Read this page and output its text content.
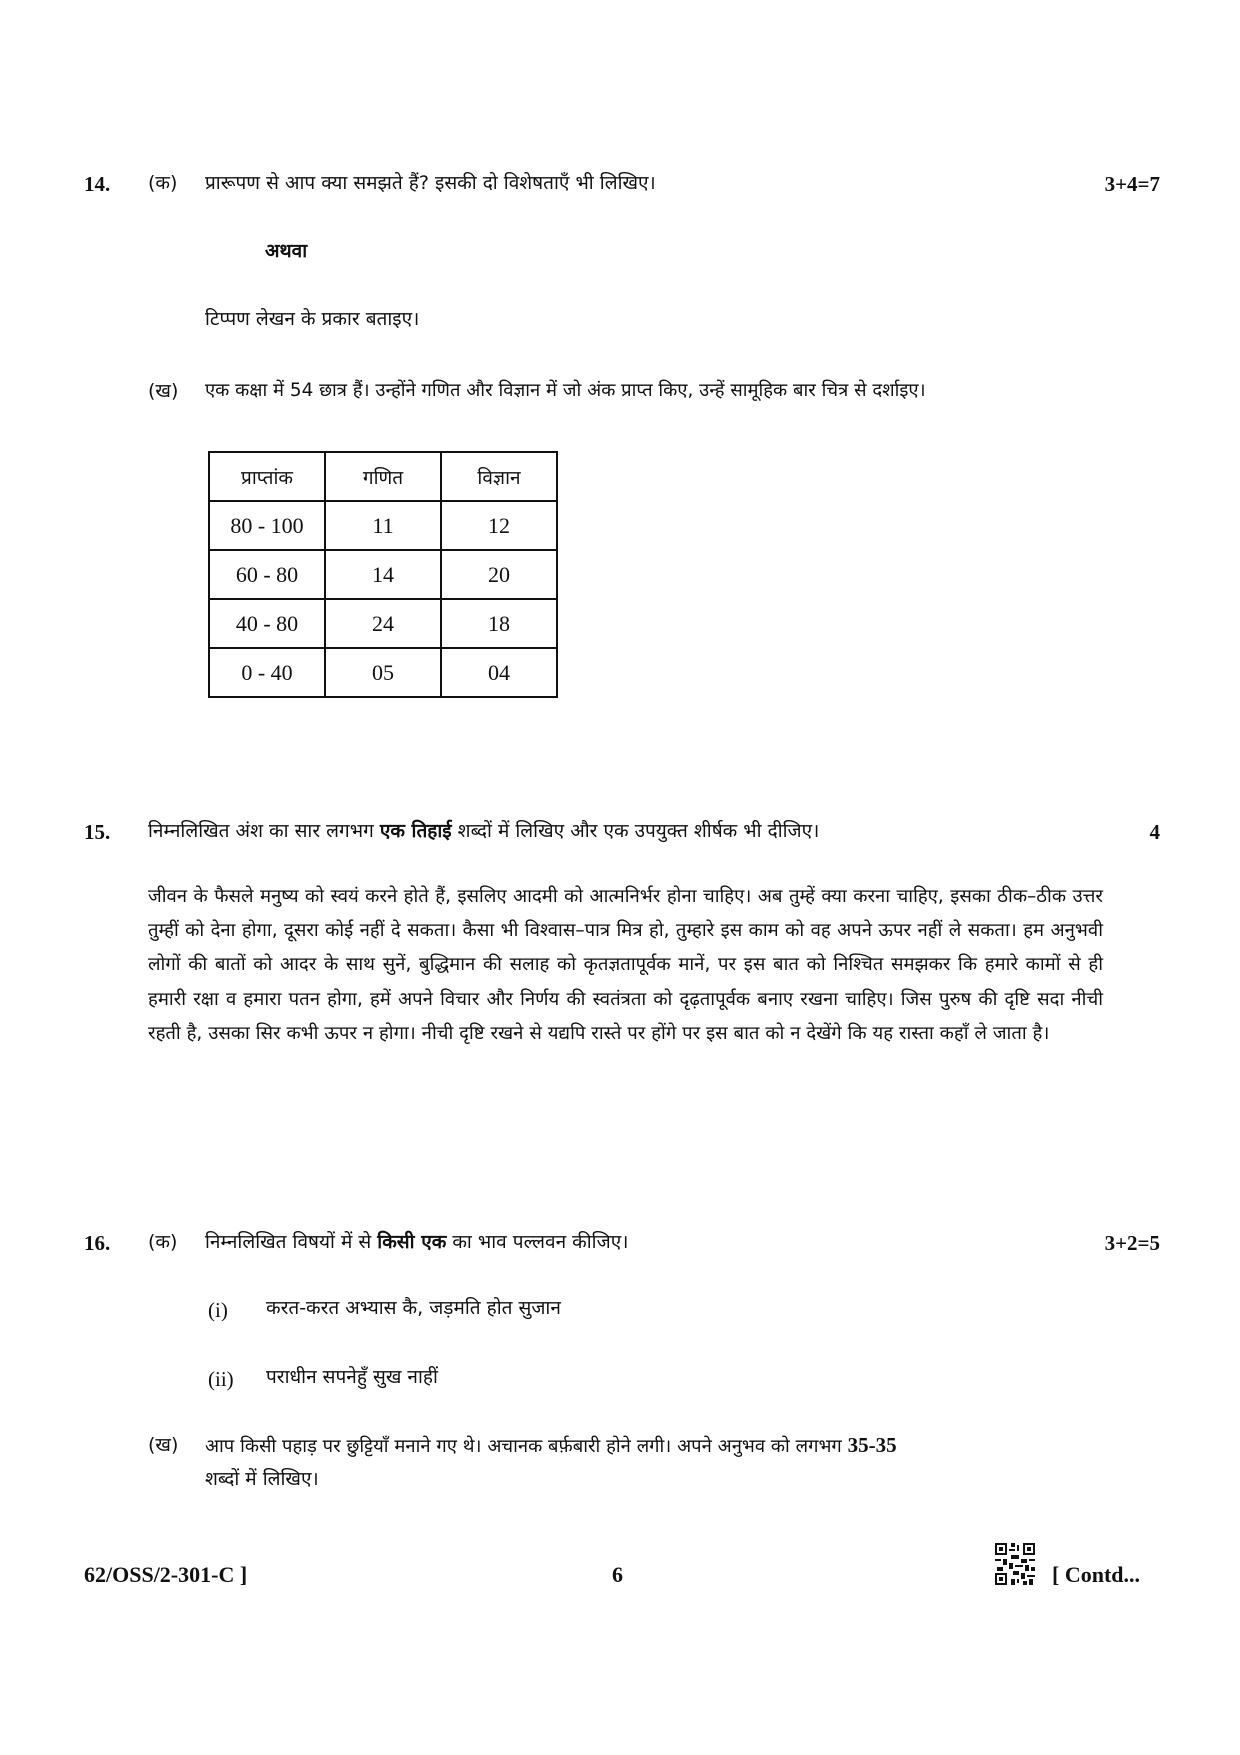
14. (क) प्रारूपण से आप क्या समझते हैं? इसकी दो विशेषताएँ भी लिखिए।	3+4=7
अथवा
टिप्पण लेखन के प्रकार बताइए।
(ख) एक कक्षा में 54 छात्र हैं। उन्होंने गणित और विज्ञान में जो अंक प्राप्त किए, उन्हें सामूहिक बार चित्र से दर्शाइए।
प्राप्तांक	गणित	विज्ञान
80 - 100	11	12
60 - 80	14	20
40 - 80	24	18
0 - 40	05	04
15. निम्नलिखित अंश का सार लगभग एक तिहाई शब्दों में लिखिए और एक उपयुक्त शीर्षक भी दीजिए।	4
जीवन के फैसले मनुष्य को स्वयं करने होते हैं, इसलिए आदमी को आत्मनिर्भर होना चाहिए। अब तुम्हें क्या करना चाहिए, इसका ठीक–ठीक उत्तर तुम्हीं को देना होगा, दूसरा कोई नहीं दे सकता। कैसा भी विश्वास–पात्र मित्र हो, तुम्हारे इस काम को वह अपने ऊपर नहीं ले सकता। हम अनुभवी लोगों की बातों को आदर के साथ सुनें, बुद्धिमान की सलाह को कृतज्ञतापूर्वक मानें, पर इस बात को निश्चित समझकर कि हमारे कामों से ही हमारी रक्षा व हमारा पतन होगा, हमें अपने विचार और निर्णय की स्वतंत्रता को दृढ़तापूर्वक बनाए रखना चाहिए। जिस पुरुष की दृष्टि सदा नीची रहती है, उसका सिर कभी ऊपर न होगा। नीची दृष्टि रखने से यद्यपि रास्ते पर होंगे पर इस बात को न देखेंगे कि यह रास्ता कहाँ ले जाता है।
16. (क) निम्नलिखित विषयों में से किसी एक का भाव पल्लवन कीजिए।	3+2=5
(i) करत-करत अभ्यास कै, जड़मति होत सुजान
(ii) पराधीन सपनेहुँ सुख नाहीं
(ख) आप किसी पहाड़ पर छुट्टियाँ मनाने गए थे। अचानक बर्फ़बारी होने लगी। अपने अनुभव को लगभग 35-35
शब्दों में लिखिए।
62/OSS/2-301-C ]	6	[ Contd...
